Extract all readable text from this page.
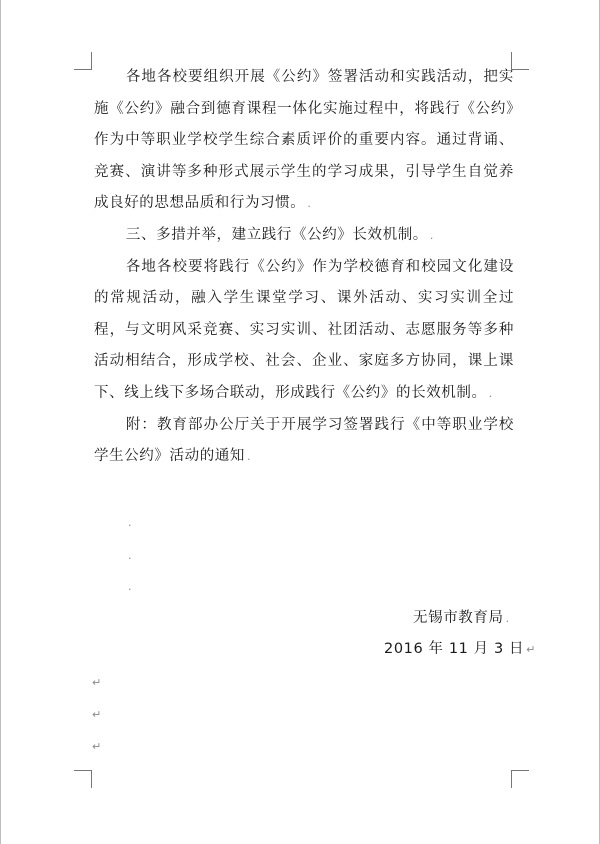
各地各校要组织开展《公约》签署活动和实践活动，把实施《公约》融合到德育课程一体化实施过程中，将践行《公约》作为中等职业学校学生综合素质评价的重要内容。通过背诵、竞赛、演讲等多种形式展示学生的学习成果，引导学生自觉养成良好的思想品质和行为习惯。 .

三、多措并举，建立践行《公约》长效机制。 .

各地各校要将践行《公约》作为学校德育和校园文化建设的常规活动，融入学生课堂学习、课外活动、实习实训全过程，与文明风采竞赛、实习实训、社团活动、志愿服务等多种活动相结合，形成学校、社会、企业、家庭多方协同，课上课下、线上线下多场合联动，形成践行《公约》的长效机制。 .

附：教育部办公厅关于开展学习签署践行《中等职业学校学生公约》活动的通知 .

.
.
.
无锡市教育局 .
2016 年 11 月 3 日 ↵
↵
↵
↵
